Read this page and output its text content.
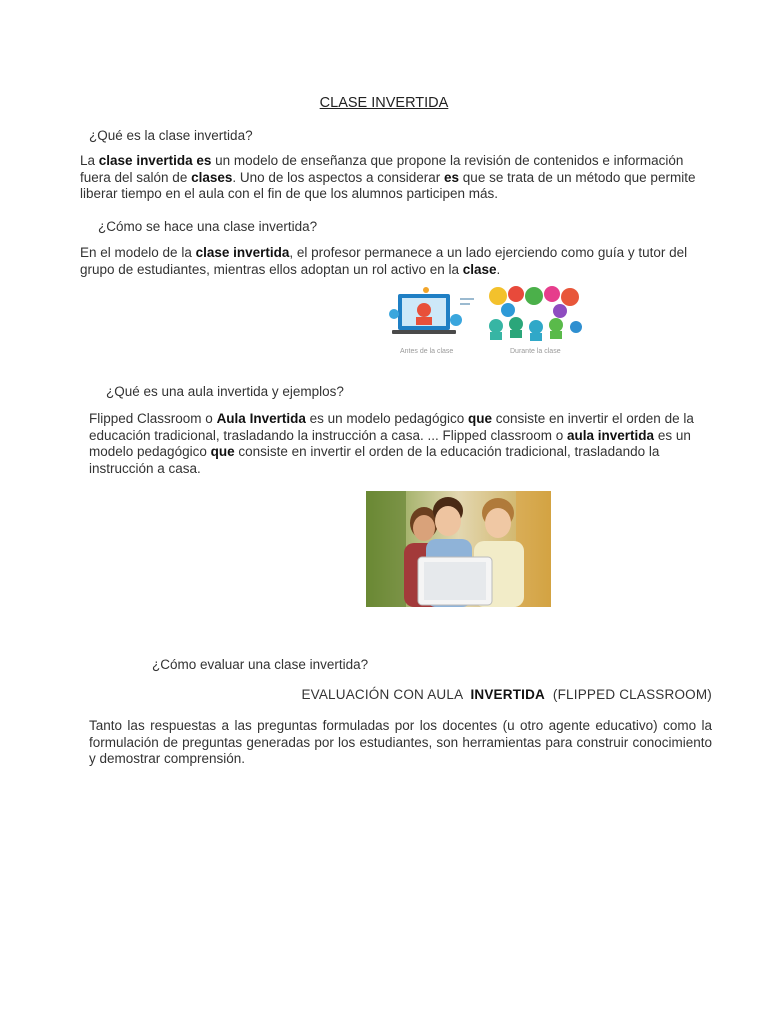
CLASE INVERTIDA
¿Qué es la clase invertida?
La clase invertida es un modelo de enseñanza que propone la revisión de contenidos e información fuera del salón de clases. Uno de los aspectos a considerar es que se trata de un método que permite liberar tiempo en el aula con el fin de que los alumnos participen más.
¿Cómo se hace una clase invertida?
En el modelo de la clase invertida, el profesor permanece a un lado ejerciendo como guía y tutor del grupo de estudiantes, mientras ellos adoptan un rol activo en la clase.
Antes de la clase	Durante la clase
¿Qué es una aula invertida y ejemplos?
Flipped Classroom o Aula Invertida es un modelo pedagógico que consiste en invertir el orden de la educación tradicional, trasladando la instrucción a casa. ... Flipped classroom o aula invertida es un modelo pedagógico que consiste en invertir el orden de la educación tradicional, trasladando la instrucción a casa.
¿Cómo evaluar una clase invertida?
EVALUACIÓN CON AULA  INVERTIDA  (FLIPPED CLASSROOM)
Tanto las respuestas a las preguntas formuladas por los docentes (u otro agente educativo) como la formulación de preguntas generadas por los estudiantes, son herramientas para construir conocimiento y demostrar comprensión.
